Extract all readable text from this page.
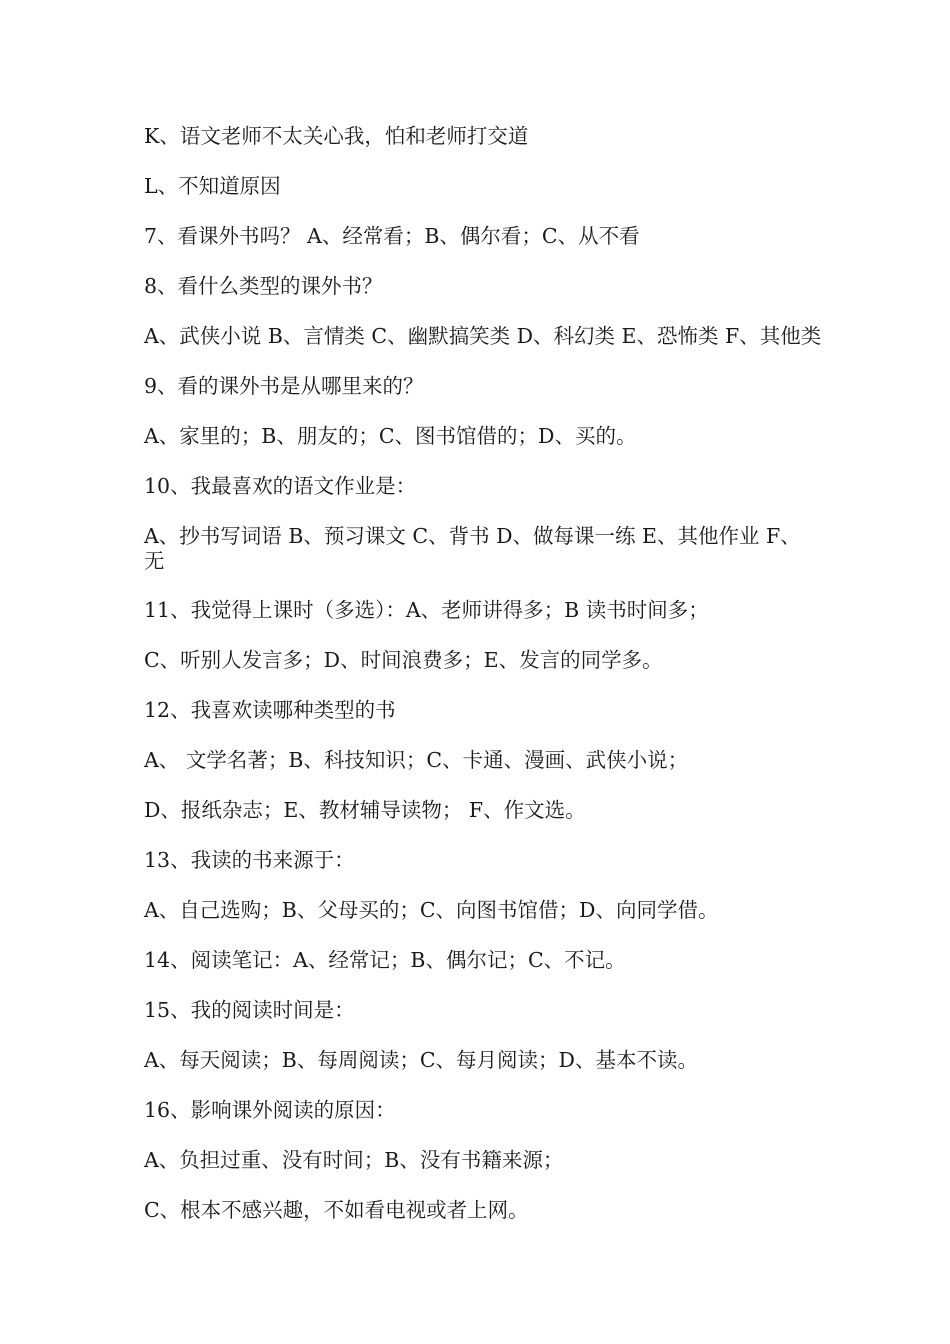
K、语文老师不太关心我，怕和老师打交道
L、不知道原因
7、看课外书吗？ A、经常看；B、偶尔看；C、从不看
8、看什么类型的课外书？
A、武侠小说 B、言情类 C、幽默搞笑类 D、科幻类 E、恐怖类 F、其他类
9、看的课外书是从哪里来的？
A、家里的；B、朋友的；C、图书馆借的；D、买的。
10、我最喜欢的语文作业是：
A、抄书写词语 B、预习课文 C、背书 D、做每课一练 E、其他作业 F、无
11、我觉得上课时（多选）：A、老师讲得多；B 读书时间多；
C、听别人发言多；D、时间浪费多；E、发言的同学多。
12、我喜欢读哪种类型的书
A、 文学名著；B、科技知识；C、卡通、漫画、武侠小说；
D、报纸杂志；E、教材辅导读物； F、作文选。
13、我读的书来源于：
A、自己选购；B、父母买的；C、向图书馆借；D、向同学借。
14、阅读笔记：A、经常记；B、偶尔记；C、不记。
15、我的阅读时间是：
A、每天阅读；B、每周阅读；C、每月阅读；D、基本不读。
16、影响课外阅读的原因：
A、负担过重、没有时间；B、没有书籍来源；
C、根本不感兴趣，不如看电视或者上网。
